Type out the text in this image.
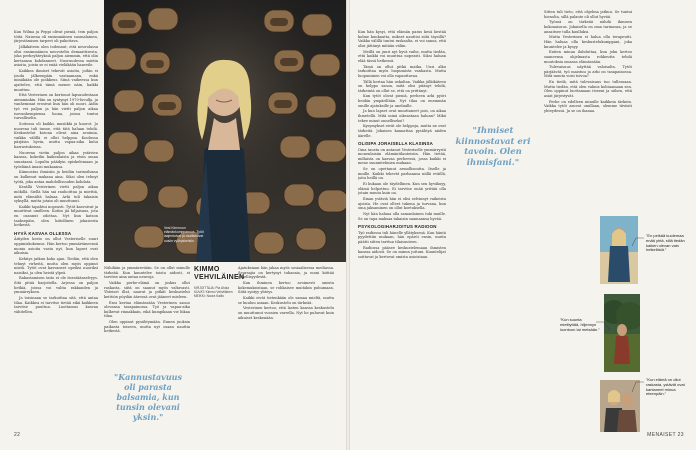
Kun Wilma ja Peppi olivat pieniä, tein paljon töitä. Naisena oli ensimmäinen suomalainen, järjestämisen tarpeet oli pakottava.

Jälkikäteen olen todennut, että neuvolassa olisi ensimmäinen neuvoteltu demaattisesta, joka perheyhteyksiä paljon aiemmin, että olin kertaansa kohdanneet. Nuoruudessa mietin asioita, joista se ei enää vieläkään haaveile.

Kaikkea ihmiset tekevät asioita, joihin ei joudu jälkeenpäin vastaamaan, enkä minäkään ole poikkeus. Siinä vaiheessa kun ajattelee, että tämä menee näin, kaikki muuttuu.

Että Vesterinen on kertonut lapsuudestaan aiemminkin. Hän on syntynyt 1970-luvulla, ja vanhemmat erosivat kun hän oli nuori. Äidin työ vei paljon ja hän vietti paljon aikaa isovanhempiensa luona, joissa tuntui turvalliselta.

Soitossa oli kaikki, musiikki ja kuorot. Jo nuorena tuli tunne, että tätä haluan tehdä. Keskustelut kotona olivat aina avoimia, vaikka välillä ei ollut helppoa. Koulussa pärjäsin hyvin, mutta vapaa-aika kului harrastuksissa.

Nuorena vietin paljon aikaa ystävien kanssa, kokeilin kaikenlaista ja etsin omaa suuntaani. Lopulta päädyin opiskelemaan ja työelämä imaisi mukaansa.

Kiinnostus ihmisiin ja heidän tarinoihinsa on kulkenut mukana aina. Siksi olen tehnyt työtä, joka antaa mahdollisuuden kohdata.

Kesällä Vesterinen vietti paljon aikaa mökillä. Siellä hän sai rauhoittua ja miettiä, mitä elämältä haluaa. Arki tuli takaisin syksyllä, mutta jotain oli muuttunut.

Kaikki tapahtui nopeasti. Tytöt kasvoivat ja muuttivat omilleen. Kotiin jäi hiljaisuus, jota en osannut odottaa. Nyt kun katson taaksepäin, olen kiitollinen jokaisesta hetkestä.

HYVÄ KASVAA OLLESSA

Äitiyden kesto on ollut Vesteriselle suuri oppimiskokemus. Hän kertoo ymmärtäneensä monia asioita vasta nyt, kun lapset ovat aikuisia.

Kehitys jatkuu koko ajan. Tiedän, että olen tehnyt virheitä, mutta olen myös oppinut niistä. Tytöt ovat kasvaneet upeiksi nuoriksi naisiksi, ja olen heistä ylpeä.

Rakastamisen taito ei ole itsestäänselvyys. Sitä pitää harjoitella. Arjessa on paljon hetkiä, joissa voi valita rakkauden ja ymmärryksen.

Ja toisinaan se tarkoittaa sitä, että antaa tilaa. Kaikkea ei tarvitse tietää eikä kaikkeen tarvitse puuttua. Luottamus kasvaa vähitellen.

Vesi Kimmoon elämänkumppanuus. Tytöt laajentuivat ja osallistuivat uusiin vyöhykkeisiin.

Nähdään ja ymmärretään. Se on ollut minulle tärkeää. Kun kuuntelee toista aidosti, ei tarvitse aina antaa neuvoja.

Vaikka perhe-elämä on joskus ollut raskasta, siitä on saanut myös valtavasti. Yhteiset illat, naurut ja pitkät keskustelut keittiön pöydän ääressä ovat jääneet mieleen.

Ensi kertaa elämässään Vesterinen sanoo olevansa tasapainossa. Työ ja vapaa-aika kulkevat rinnakkain, eikä kumpikaan vie liikaa tilaa.

Olen oppinut pysähtymään. Ennen juoksin paikasta toiseen, mutta nyt osaan nauttia hetkestä.

"Kannustavuus oli parasta balsamia, kun tunsin olevani yksin."
KIMMO VEHVILÄINEN
KIRJOITTAJA: Pia Ahola
KUVAT: Kimmo Vehviläinen
MEIKKI: Noora Kallio

Ajatuksiaan hän jakaa myös sosiaalisessa mediassa. Seuraajia on kertynyt tuhansia, ja moni kiittää rehellisyydestä.

Kun ihminen kertoo avoimesti omista kokemuksistaan, se rohkaisee muitakin puhumaan. Siitä syntyy yhteys.

Kaikki eivät tietenkään ole samaa mieltä, mutta se kuuluu asiaan. Keskustelu on tärkeää.

Vesterinen kertoo, että lasten kanssa keskustelu on muuttunut vuosien varrella. Nyt he puhuvat kuin aikuiset keskenään.

22

Kun hän kysyi, että elämän paras kesä kestää kolme kuukautta, mikset nauttisi siitä täysillä? Vaikka välillä tuntui raskaalta, ei voi sanoa, että olisi jättänyt mitään väliin.

Meillä on juuri nyt hyvä vaihe, mutta tiedän, että kaikki voi muuttua nopeasti. Siksi haluan elää tässä hetkessä.

Tämä on ollut pitkä matka. Uusi alku tarkoittaa myös luopumista vanhasta. Mutta luopuminen voi olla vapauttavaa.

Tällä kertaa hän uskaltaa. Vaikka jälkikäteen on helppo sanoa, mitä olisi pitänyt tehdä, tärkeintä on ollut se, että on yrittänyt.

Kun tytöt olivat pieniä, perheen arki pyöri heidän ympärillään. Nyt tilaa on enemmän omille ajatuksille ja unelmille.

Ja kun lapset ovat muuttaneet pois, on aikaa ihmetellä. Mitä minä oikeastaan haluan? Mikä tekee minut onnelliseksi?

Kysymykset eivät ole helppoja, mutta ne ovat tärkeitä. Jokaisen kannattaa pysähtyä niiden äärelle.

OLISIPA JORAISELLA KLASINSA

Oma tausta on antanut Vesteriselle ymmärrystä monenlaisiin elämäntilanteisiin. Hän tietää, millaista on kasvaa perheessä, jossa kaikki ei mene suunnitelmien mukaan.

Se on opettanut armollisuutta. Itselle ja muille. Kaikki tekevät parhaansa niillä eväillä, joita heillä on.

Ei kukaan ole täydellinen. Kun sen hyväksyy, elämä helpottuu. Ei tarvitse enää yrittää olla jotain muuta kuin on.

Ilman ystäviä hän ei olisi selvinnyt vaikeista ajoista. He ovat olleet tukena ja turvana, kun oma jaksaminen on ollut koetuksella.

Nyt hän haluaa olla samanlainen tuki muille. Se on tapa maksaa takaisin saamaansa hyvää.

PSYKOLOGIHARJOITUS RADIOON

Työ radiossa tuli hänelle yllätyksenä. Kun häntä pyydettiin mukaan, hän epäröi ensin, mutta päätti sitten tarttua tilaisuuteen.

Radiossa pääsee keskustelemaan ihmisten kanssa aidosti. Se on minun juttuni. Kuuntelijat soittavat ja kertovat omista asioistaan.

"Ihmiset kiinnostavat eri tavoin. Olen ihmisfani."

Sitten tuli tieto, että ohjelma jatkuu. Se tuntui hienolta, sillä palaute oli ollut hyvää.

Työssä on tärkeää nähdä ihmisen kokonaisuus. Jokaisella on oma tarinansa, ja se ansaitsee tulla kuulluksi.

Mutta Vesterinen ei halua olla terapeutti. Hän haluaa olla keskustelukumppani, joka kuuntelee ja kysyy.

Eniten minua ilahduttaa, kun joku kertoo saaneensa ohjelmasta rohkeutta tehdä muutoksia omassa elämässään.

Tulevaisuus näyttää valoisalta. Tytöt pärjäävät, työ maistuu ja arki on tasapainossa. Mitä muuta voisi toivoa?

En tiedä, mitä tulevaisuus tuo tullessaan. Mutta tiedän, että olen valmis kohtaamaan sen. Olen oppinut luottamaan itseeni ja siihen, että asiat järjestyvät.

Perhe on edelleen minulle kaikkein tärkein. Vaikka tytöt asuvat omillaan, olemme tiiviisti yhteydessä. Ja se on ihanaa.

"En pelkää kuolemaa enää yhtä, sillä tiedän kaiken olevan vain hetkellistä."
"Kun suunta mietityttää, hiljennyn luontoon tai metsään."
"Kun elämä on ollut raskasta, ystävät ovat kantaneet minua eteenpäin."
MENAISET 23
